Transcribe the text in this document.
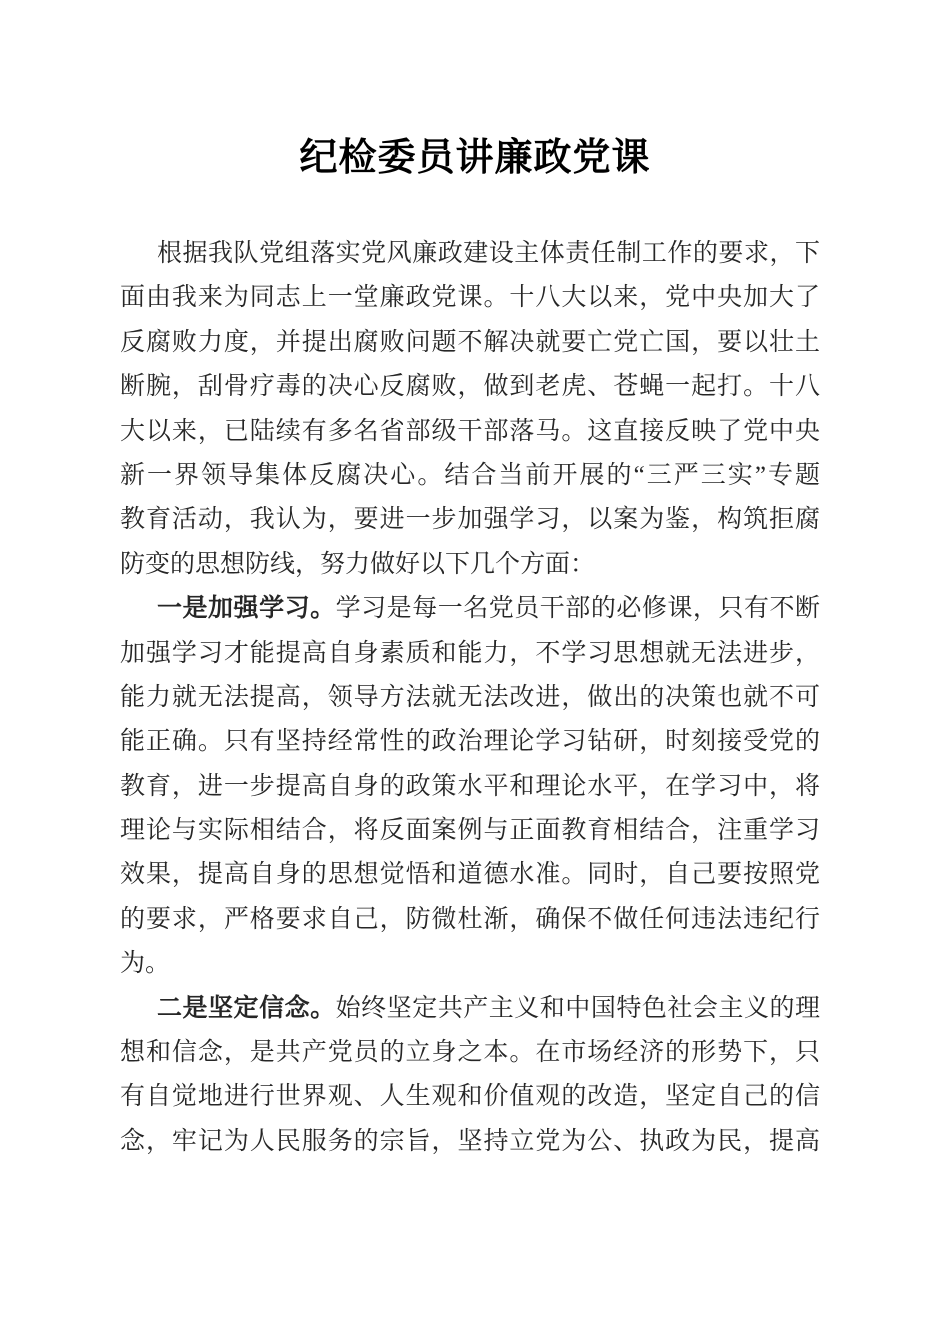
纪检委员讲廉政党课
根据我队党组落实党风廉政建设主体责任制工作的要求，下
面由我来为同志上一堂廉政党课。十八大以来，党中央加大了
反腐败力度，并提出腐败问题不解决就要亡党亡国，要以壮土
断腕，刮骨疗毒的决心反腐败，做到老虎、苍蝇一起打。十八
大以来，已陆续有多名省部级干部落马。这直接反映了党中央
新一界领导集体反腐决心。结合当前开展的“三严三实”专题
教育活动，我认为，要进一步加强学习，以案为鉴，构筑拒腐
防变的思想防线，努力做好以下几个方面：
一是加强学习。学习是每一名党员干部的必修课，只有不断
加强学习才能提高自身素质和能力，不学习思想就无法进步，
能力就无法提高，领导方法就无法改进，做出的决策也就不可
能正确。只有坚持经常性的政治理论学习钻研，时刻接受党的
教育，进一步提高自身的政策水平和理论水平，在学习中，将
理论与实际相结合，将反面案例与正面教育相结合，注重学习
效果，提高自身的思想觉悟和道德水准。同时，自己要按照党
的要求，严格要求自己，防微杜渐，确保不做任何违法违纪行
为。
二是坚定信念。始终坚定共产主义和中国特色社会主义的理
想和信念，是共产党员的立身之本。在市场经济的形势下，只
有自觉地进行世界观、人生观和价值观的改造，坚定自己的信
念，牢记为人民服务的宗旨，坚持立党为公、执政为民，提高
